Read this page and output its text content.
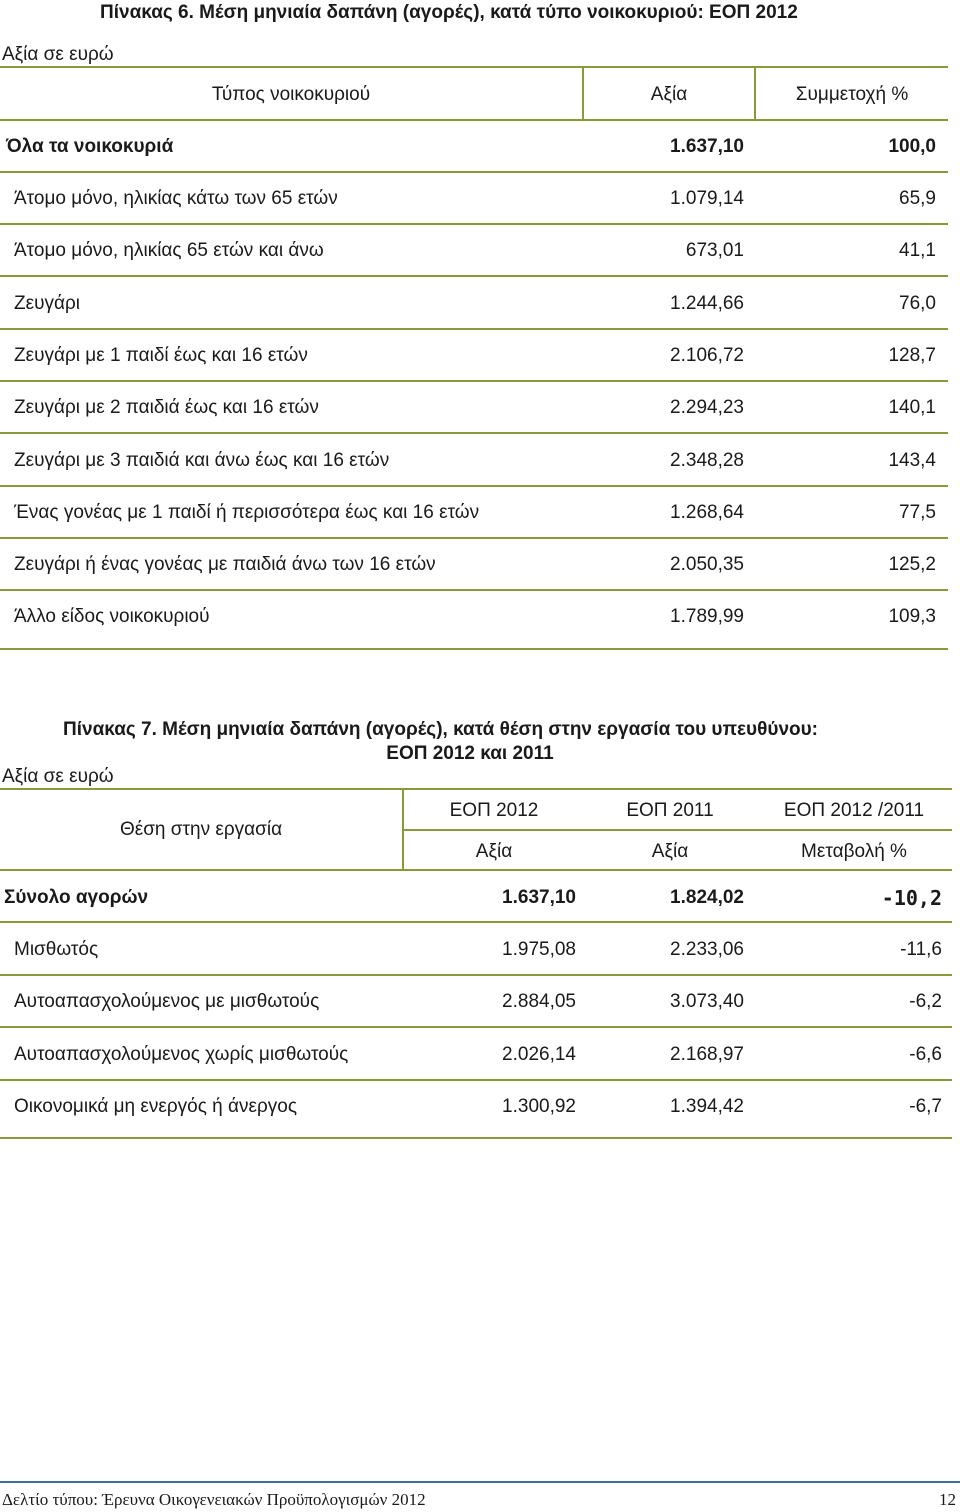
Πίνακας 6. Μέση μηνιαία δαπάνη (αγορές), κατά τύπο νοικοκυριού: ΕΟΠ 2012
Αξία σε ευρώ
Τύπος νοικοκυριού	Αξία	Συμμετοχή %
Όλα τα νοικοκυριά	1.637,10	100,0
Άτομο μόνο, ηλικίας κάτω των 65 ετών	1.079,14	65,9
Άτομο μόνο, ηλικίας 65 ετών και άνω	673,01	41,1
Ζευγάρι	1.244,66	76,0
Ζευγάρι με 1 παιδί έως και 16 ετών	2.106,72	128,7
Ζευγάρι με 2 παιδιά έως και 16 ετών	2.294,23	140,1
Ζευγάρι με 3 παιδιά και άνω έως και 16 ετών	2.348,28	143,4
Ένας γονέας με 1 παιδί ή περισσότερα έως και 16 ετών	1.268,64	77,5
Ζευγάρι ή ένας γονέας με παιδιά άνω των 16 ετών	2.050,35	125,2
Άλλο είδος νοικοκυριού	1.789,99	109,3
Πίνακας 7. Μέση μηνιαία δαπάνη (αγορές), κατά θέση στην εργασία του υπευθύνου:
ΕΟΠ 2012 και 2011
Αξία σε ευρώ
Θέση στην εργασία
ΕΟΠ 2012	ΕΟΠ 2011	ΕΟΠ 2012 /2011
Αξία	Αξία	Μεταβολή %
Σύνολο αγορών	1.637,10	1.824,02	-10,2
Μισθωτός	1.975,08	2.233,06	-11,6
Αυτοαπασχολούμενος με μισθωτούς	2.884,05	3.073,40	-6,2
Αυτοαπασχολούμενος χωρίς μισθωτούς	2.026,14	2.168,97	-6,6
Οικονομικά μη ενεργός ή άνεργος	1.300,92	1.394,42	-6,7
Δελτίο τύπου: Έρευνα Οικογενειακών Προϋπολογισμών 2012	12
